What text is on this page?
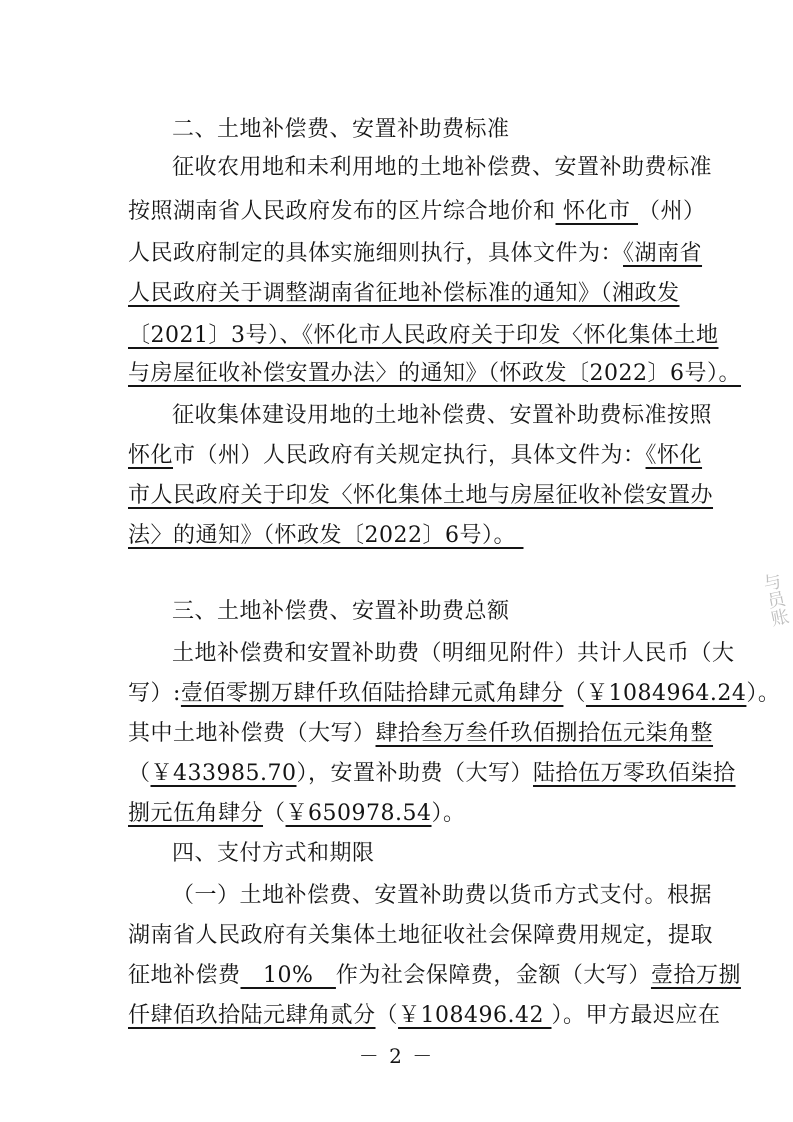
二、土地补偿费、安置补助费标准
征收农用地和未利用地的土地补偿费、安置补助费标准
按照湖南省人民政府发布的区片综合地价和 怀化市 （州）
人民政府制定的具体实施细则执行，具体文件为：《湖南省
人民政府关于调整湖南省征地补偿标准的通知》（湘政发
〔2021〕3号）、《怀化市人民政府关于印发〈怀化集体土地
与房屋征收补偿安置办法〉的通知》（怀政发〔2022〕6号）。
征收集体建设用地的土地补偿费、安置补助费标准按照
怀化市（州）人民政府有关规定执行，具体文件为：《怀化
市人民政府关于印发〈怀化集体土地与房屋征收补偿安置办
法〉的通知》（怀政发〔2022〕6号）。
三、土地补偿费、安置补助费总额
土地补偿费和安置补助费（明细见附件）共计人民币（大
写）:壹佰零捌万肆仟玖佰陆拾肆元贰角肆分（￥1084964.24）。
其中土地补偿费（大写）肆拾叁万叁仟玖佰捌拾伍元柒角整
（￥433985.70），安置补助费（大写）陆拾伍万零玖佰柒拾
捌元伍角肆分（￥650978.54）。
四、支付方式和期限
（一）土地补偿费、安置补助费以货币方式支付。根据
湖南省人民政府有关集体土地征收社会保障费用规定，提取
征地补偿费　10%　作为社会保障费，金额（大写）壹拾万捌
仟肆佰玖拾陆元肆角贰分（￥108496.42 ）。甲方最迟应在
－ 2 －
与员账
